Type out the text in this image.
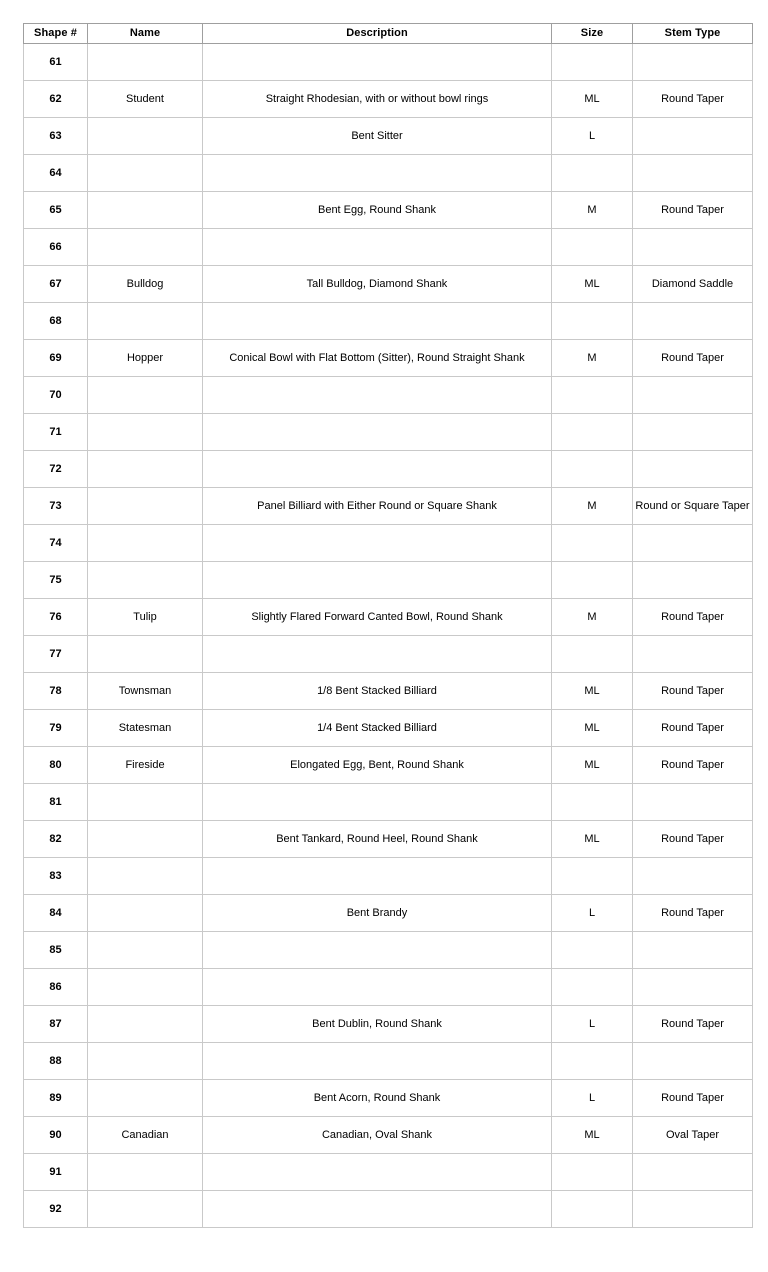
Shape #	Name	Description	Size	Stem Type
61				
62	Student	Straight Rhodesian, with or without bowl rings	ML	Round Taper
63		Bent Sitter	L	
64				
65		Bent Egg, Round Shank	M	Round Taper
66				
67	Bulldog	Tall Bulldog, Diamond Shank	ML	Diamond Saddle
68				
69	Hopper	Conical Bowl with Flat Bottom (Sitter), Round Straight Shank	M	Round Taper
70				
71				
72				
73		Panel Billiard with Either Round or Square Shank	M	Round or Square Taper
74				
75				
76	Tulip	Slightly Flared Forward Canted Bowl, Round Shank	M	Round Taper
77				
78	Townsman	1/8 Bent Stacked Billiard	ML	Round Taper
79	Statesman	1/4 Bent Stacked Billiard	ML	Round Taper
80	Fireside	Elongated Egg, Bent, Round Shank	ML	Round Taper
81				
82		Bent Tankard, Round Heel, Round Shank	ML	Round Taper
83				
84		Bent Brandy	L	Round Taper
85				
86				
87		Bent Dublin, Round Shank	L	Round Taper
88				
89		Bent Acorn, Round Shank	L	Round Taper
90	Canadian	Canadian, Oval Shank	ML	Oval Taper
91				
92				
